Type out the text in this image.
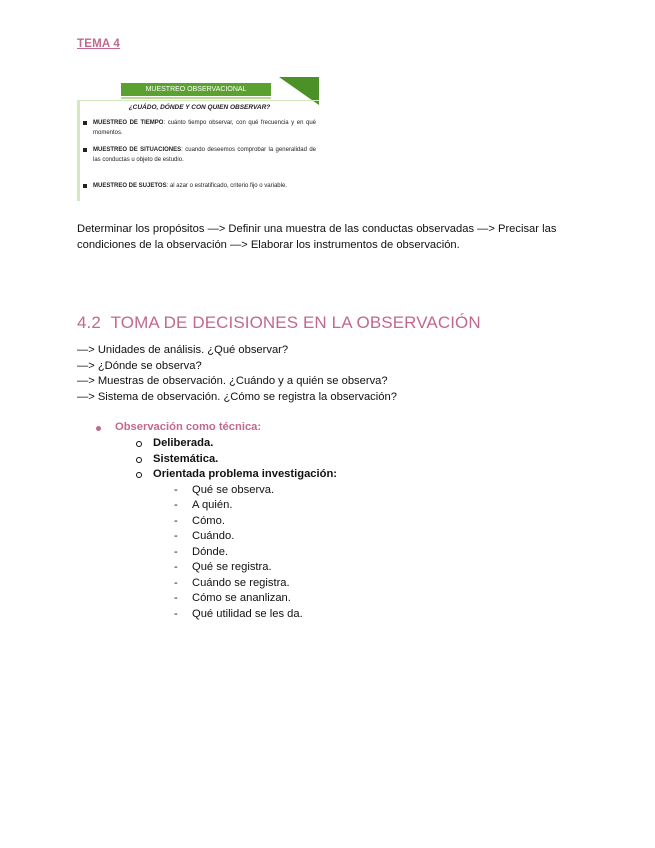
TEMA 4
MUESTREO OBSERVACIONAL
¿CUÁDO, DÓNDE Y CON QUIEN OBSERVAR?
MUESTREO DE TIEMPO: cuánto tiempo observar, con qué frecuencia y en qué momentos.
MUESTREO DE SITUACIONES: cuando deseemos comprobar la generalidad de las conductas u objeto de estudio.
MUESTREO DE SUJETOS: al azar o estratificado, criterio fijo o variable.
Determinar los propósitos —> Definir una muestra de las conductas observadas —> Precisar las condiciones de la observación —> Elaborar los instrumentos de observación.
4.2 TOMA DE DECISIONES EN LA OBSERVACIÓN
—> Unidades de análisis. ¿Qué observar?
—> ¿Dónde se observa?
—> Muestras de observación. ¿Cuándo y a quién se observa?
—> Sistema de observación. ¿Cómo se registra la observación?
Observación como técnica:
Deliberada.
Sistemática.
Orientada problema investigación:
- Qué se observa.
- A quién.
- Cómo.
- Cuándo.
- Dónde.
- Qué se registra.
- Cuándo se registra.
- Cómo se ananlizan.
- Qué utilidad se les da.
